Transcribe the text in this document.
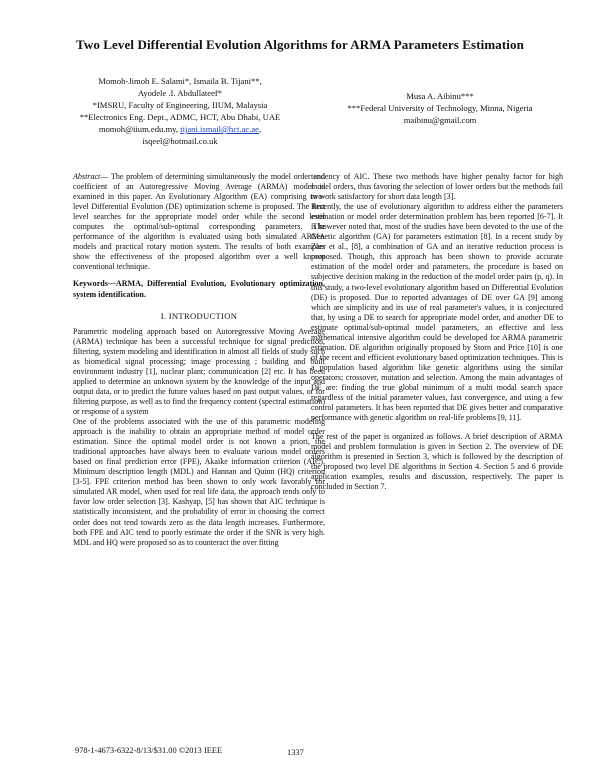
Two Level Differential Evolution Algorithms for ARMA Parameters Estimation
Momoh-Jimoh E. Salami*, Ismaila B. Tijani**,
Ayodele .I. Abdullateef*
*IMSRU, Faculty of Engineering, IIUM, Malaysia
**Electronics Eng. Dept., ADMC, HCT, Abu Dhabi, UAE
momoh@iium.edu.my, tijani.ismail@hct.ac.ae,
isqeel@hotmail.co.uk
Musa A. Aibinu***
***Federal University of Technology, Minna, Nigeria
maibinu@gmail.com

Abstract— The problem of determining simultaneously the model order and coefficient of an Autoregressive Moving Average (ARMA) model is examined in this paper. An Evolutionary Algorithm (EA) comprising two-level Differential Evolution (DE) optimization scheme is proposed. The first level searches for the appropriate model order while the second level computes the optimal/sub-optimal corresponding parameters. The performance of the algorithm is evaluated using both simulated ARMA models and practical rotary motion system. The results of both examples show the effectiveness of the proposed algorithm over a well known conventional technique.

Keywords—ARMA, Differential Evolution, Evolutionary optimization, system identification.

I. INTRODUCTION

Parametric modeling approach based on Autoregressive Moving Average (ARMA) technique has been a successful technique for signal prediction, filtering, system modeling and identification in almost all fields of study such as biomedical signal processing; image processing ; building and built environment industry [1], nuclear plant; communication [2] etc. It has been applied to determine an unknown system by the knowledge of the input and output data, or to predict the future values based on past output values, or for filtering purpose, as well as to find the frequency content (spectral estimation) or response of a system

One of the problems associated with the use of this parametric modeling approach is the inability to obtain an appropriate method of model order estimation. Since the optimal model order is not known a priori, the traditional approaches have always been to evaluate various model orders based on final prediction error (FPE), Akaike information criterion (AIC), Minimum description length (MDL) and Hannan and Quinn (HQ) criterion [3-5]. FPE criterion method has been shown to only work favorably for simulated AR model, when used for real life data, the approach tends only to favor low order selection [3]. Kashyap, [5] has shown that AIC technique is statistically inconsistent, and the probability of error in choosing the correct order does not tend towards zero as the data length increases. Furthermore, both FPE and AIC tend to poorly estimate the order if the SNR is very high. MDL and HQ were proposed so as to counteract the over fitting

tendency of AIC. These two methods have higher penalty factor for high model orders, thus favoring the selection of lower orders but the methods fail to work satisfactory for short data length [3].

Recently, the use of evolutionary algorithm to address either the parameters estimation or model order determination problem has been reported [6-7]. It is however noted that, most of the studies have been devoted to the use of the Genetic algorithm (GA) for parameters estimation [8]. In a recent study by Zaer et al., [8], a combination of GA and an iterative reduction process is proposed. Though, this approach has been shown to provide accurate estimation of the model order and parameters, the procedure is based on subjective decision making in the reduction of the model order pairs (p, q). In this study, a two-level evolutionary algorithm based on Differential Evolution (DE) is proposed. Due to reported advantages of DE over GA [9] among which are simplicity and its use of real parameter's values, it is conjectured that, by using a DE to search for appropriate model order, and another DE to estimate optimal/sub-optimal model parameters, an effective and less mathematical intensive algorithm could be developed for ARMA parametric estimation. DE algorithm originally proposed by Storn and Price [10] is one of the recent and efficient evolutionary based optimization techniques. This is a population based algorithm like genetic algorithms using the similar operators; crossover, mutation and selection. Among the main advantages of DE are: finding the true global minimum of a multi modal search space regardless of the initial parameter values, fast convergence, and using a few control parameters. It has been reported that DE gives better and comparative performance with genetic algorithm on real-life problems [9, 11].

The rest of the paper is organized as follows. A brief description of ARMA model and problem formulation is given in Section 2. The overview of DE algorithm is presented in Section 3, which is followed by the description of the proposed two level DE algorithms in Section 4. Section 5 and 6 provide application examples, results and discussion, respectively. The paper is concluded in Section 7.

978-1-4673-6322-8/13/$31.00 ©2013 IEEE	1337
